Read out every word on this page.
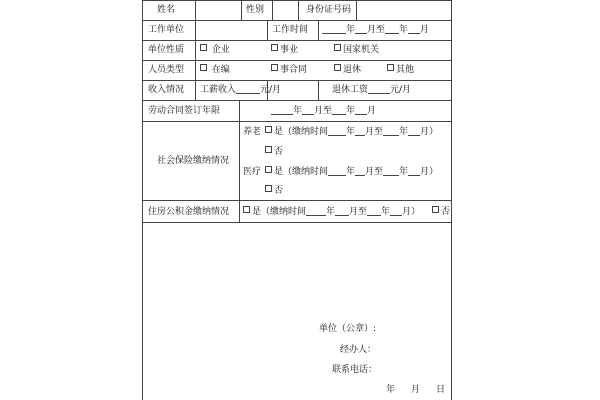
姓名	性别	身份证号码
工作单位	工作时间	年 月至 年 月
单位性质	企业	事业	国家机关
人员类型	在编	事合同	退休	其他
收入情况 工薪收入	元/月	退休工资 元/月
劳动合同签订年限	年 月至 年 月
社会保险缴纳情况
养老	是（缴纳时间 年 月至 年 月）
否
医疗	是（缴纳时间 年 月至 年 月）
否
住房公积金缴纳情况	是（缴纳时间 年 月至 年 月）	否
单位（公章）:
经办人：
联系电话：
年 月 日
